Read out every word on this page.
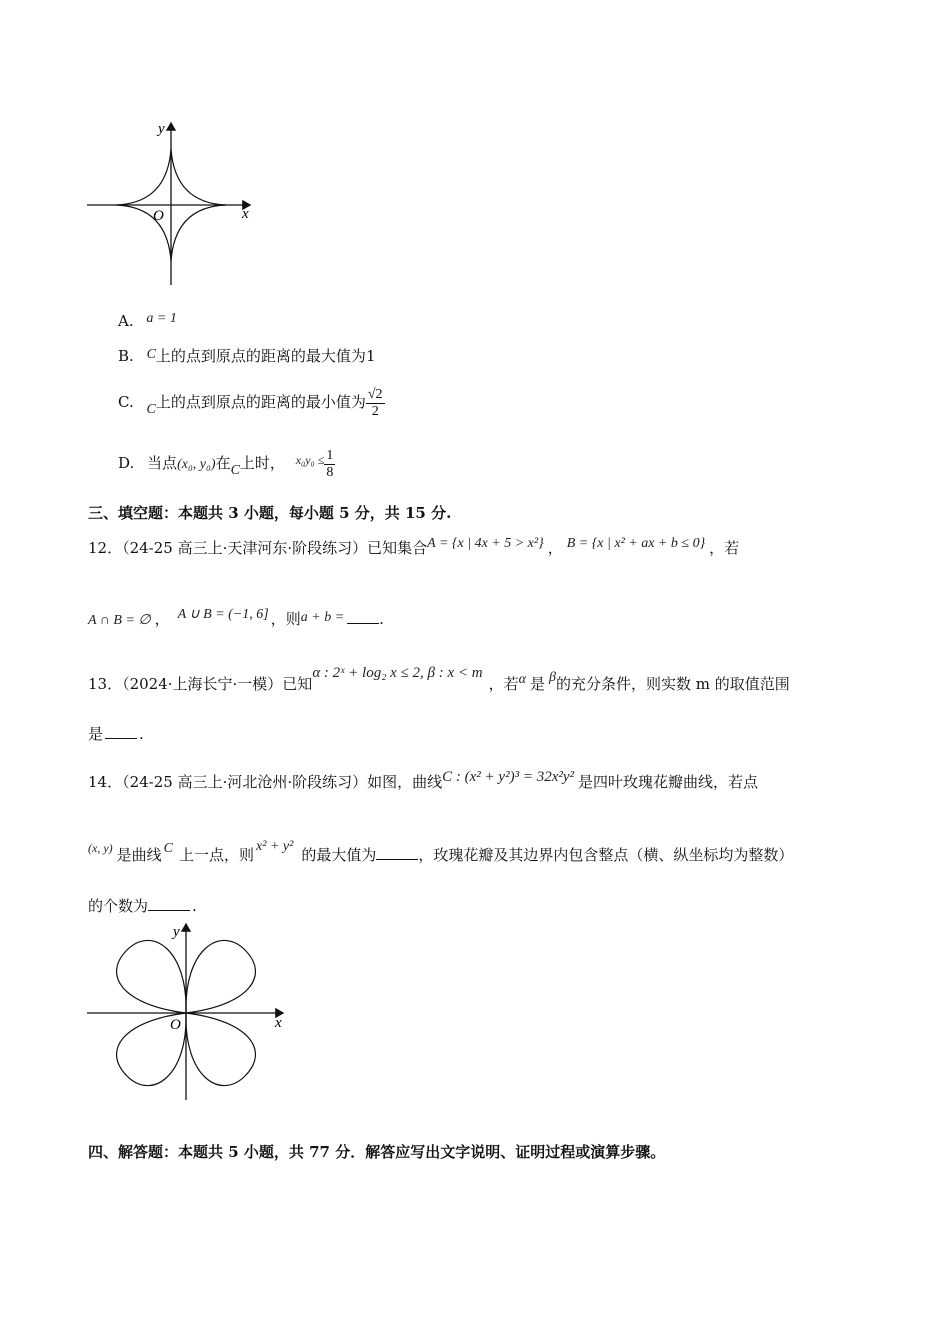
y
x
O
A. a = 1
B. C上的点到原点的距离的最大值为1
C. C上的点到原点的距离的最小值为 $\frac{√2}{2}$
D. 当点(x₀, y₀)在C上时， $^{x_0y_0 \le} \frac{1}{8}$
三、填空题：本题共 3 小题，每小题 5 分，共 15 分.
12．（24-25 高三上·天津河东·阶段练习）已知集合A = {x | 4x + 5 > x²} ， B = {x | x² + ax + b ≤ 0} ，若
A ∩ B = ∅ ， A ∪ B = (−1, 6] ，则a + b = .
13．（2024·上海长宁·一模）已知α : 2ˣ + log₂ x ≤ 2, β : x < m，若α 是 β的充分条件，则实数 m 的取值范围
是 .
14．（24-25 高三上·河北沧州·阶段练习）如图，曲线C : (x² + y²)³ = 32x²y² 是四叶玫瑰花瓣曲线，若点
$^{(x, y)}$ 是曲线 C 上一点，则 x² + y² 的最大值为	，玫瑰花瓣及其边界内包含整点（横、纵坐标均为整数）
的个数为	.
y
x
O
四、解答题：本题共 5 小题，共 77 分．解答应写出文字说明、证明过程或演算步骤。
